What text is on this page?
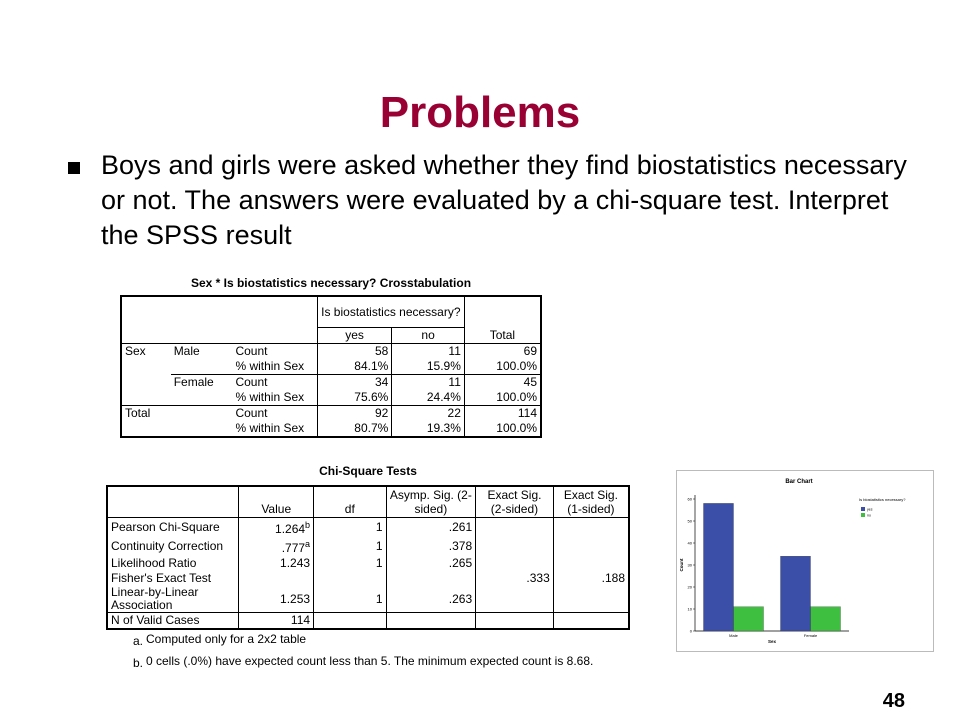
Problems
Boys and girls were asked whether they find biostatistics necessary or not. The answers were evaluated by a chi-square test. Interpret the SPSS result
Sex * Is biostatistics necessary? Crosstabulation
			Is biostatistics necessary?		
			yes	no	Total
Sex	Male	Count	58	11	69
		% within Sex	84.1%	15.9%	100.0%
	Female	Count	34	11	45
		% within Sex	75.6%	24.4%	100.0%
Total		Count	92	22	114
		% within Sex	80.7%	19.3%	100.0%
Chi-Square Tests
	Value	df	Asymp. Sig. (2-sided)	Exact Sig. (2-sided)	Exact Sig. (1-sided)
Pearson Chi-Square	1.264$^b$	1	.261		
Continuity Correction	.777$^a$	1	.378		
Likelihood Ratio	1.243	1	.265		
Fisher's Exact Test				.333	.188
Linear-by-Linear Association	1.253	1	.263		
N of Valid Cases	114				
a. Computed only for a 2x2 table
b. 0 cells (.0%) have expected count less than 5. The minimum expected count is 8.68.
Bar Chart
0
10
20
30
40
50
60
Count
Male	Female
Sex
Is biostatistics necessary?
yes
no
48
